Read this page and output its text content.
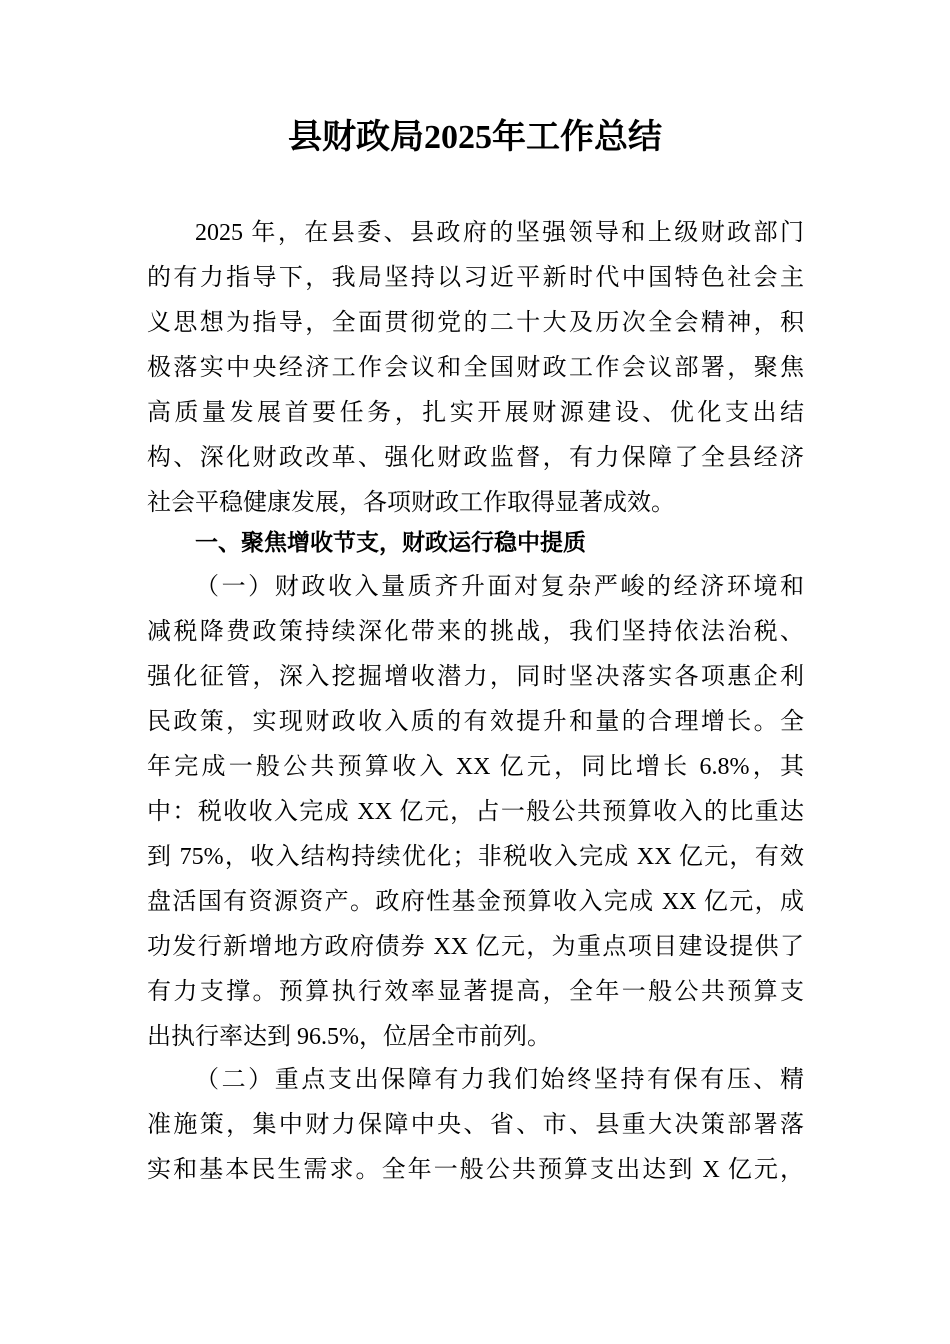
县财政局2025年工作总结
2025 年，在县委、县政府的坚强领导和上级财政部门
的有力指导下，我局坚持以习近平新时代中国特色社会主
义思想为指导，全面贯彻党的二十大及历次全会精神，积
极落实中央经济工作会议和全国财政工作会议部署，聚焦
高质量发展首要任务，扎实开展财源建设、优化支出结
构、深化财政改革、强化财政监督，有力保障了全县经济
社会平稳健康发展，各项财政工作取得显著成效。
一、聚焦增收节支，财政运行稳中提质
（一）财政收入量质齐升面对复杂严峻的经济环境和
减税降费政策持续深化带来的挑战，我们坚持依法治税、
强化征管，深入挖掘增收潜力，同时坚决落实各项惠企利
民政策，实现财政收入质的有效提升和量的合理增长。全
年完成一般公共预算收入 XX 亿元，同比增长 6.8%，其
中：税收收入完成 XX 亿元，占一般公共预算收入的比重达
到 75%，收入结构持续优化；非税收入完成 XX 亿元，有效
盘活国有资源资产。政府性基金预算收入完成 XX 亿元，成
功发行新增地方政府债券 XX 亿元，为重点项目建设提供了
有力支撑。预算执行效率显著提高，全年一般公共预算支
出执行率达到 96.5%，位居全市前列。
（二）重点支出保障有力我们始终坚持有保有压、精
准施策，集中财力保障中央、省、市、县重大决策部署落
实和基本民生需求。全年一般公共预算支出达到 X 亿元，
